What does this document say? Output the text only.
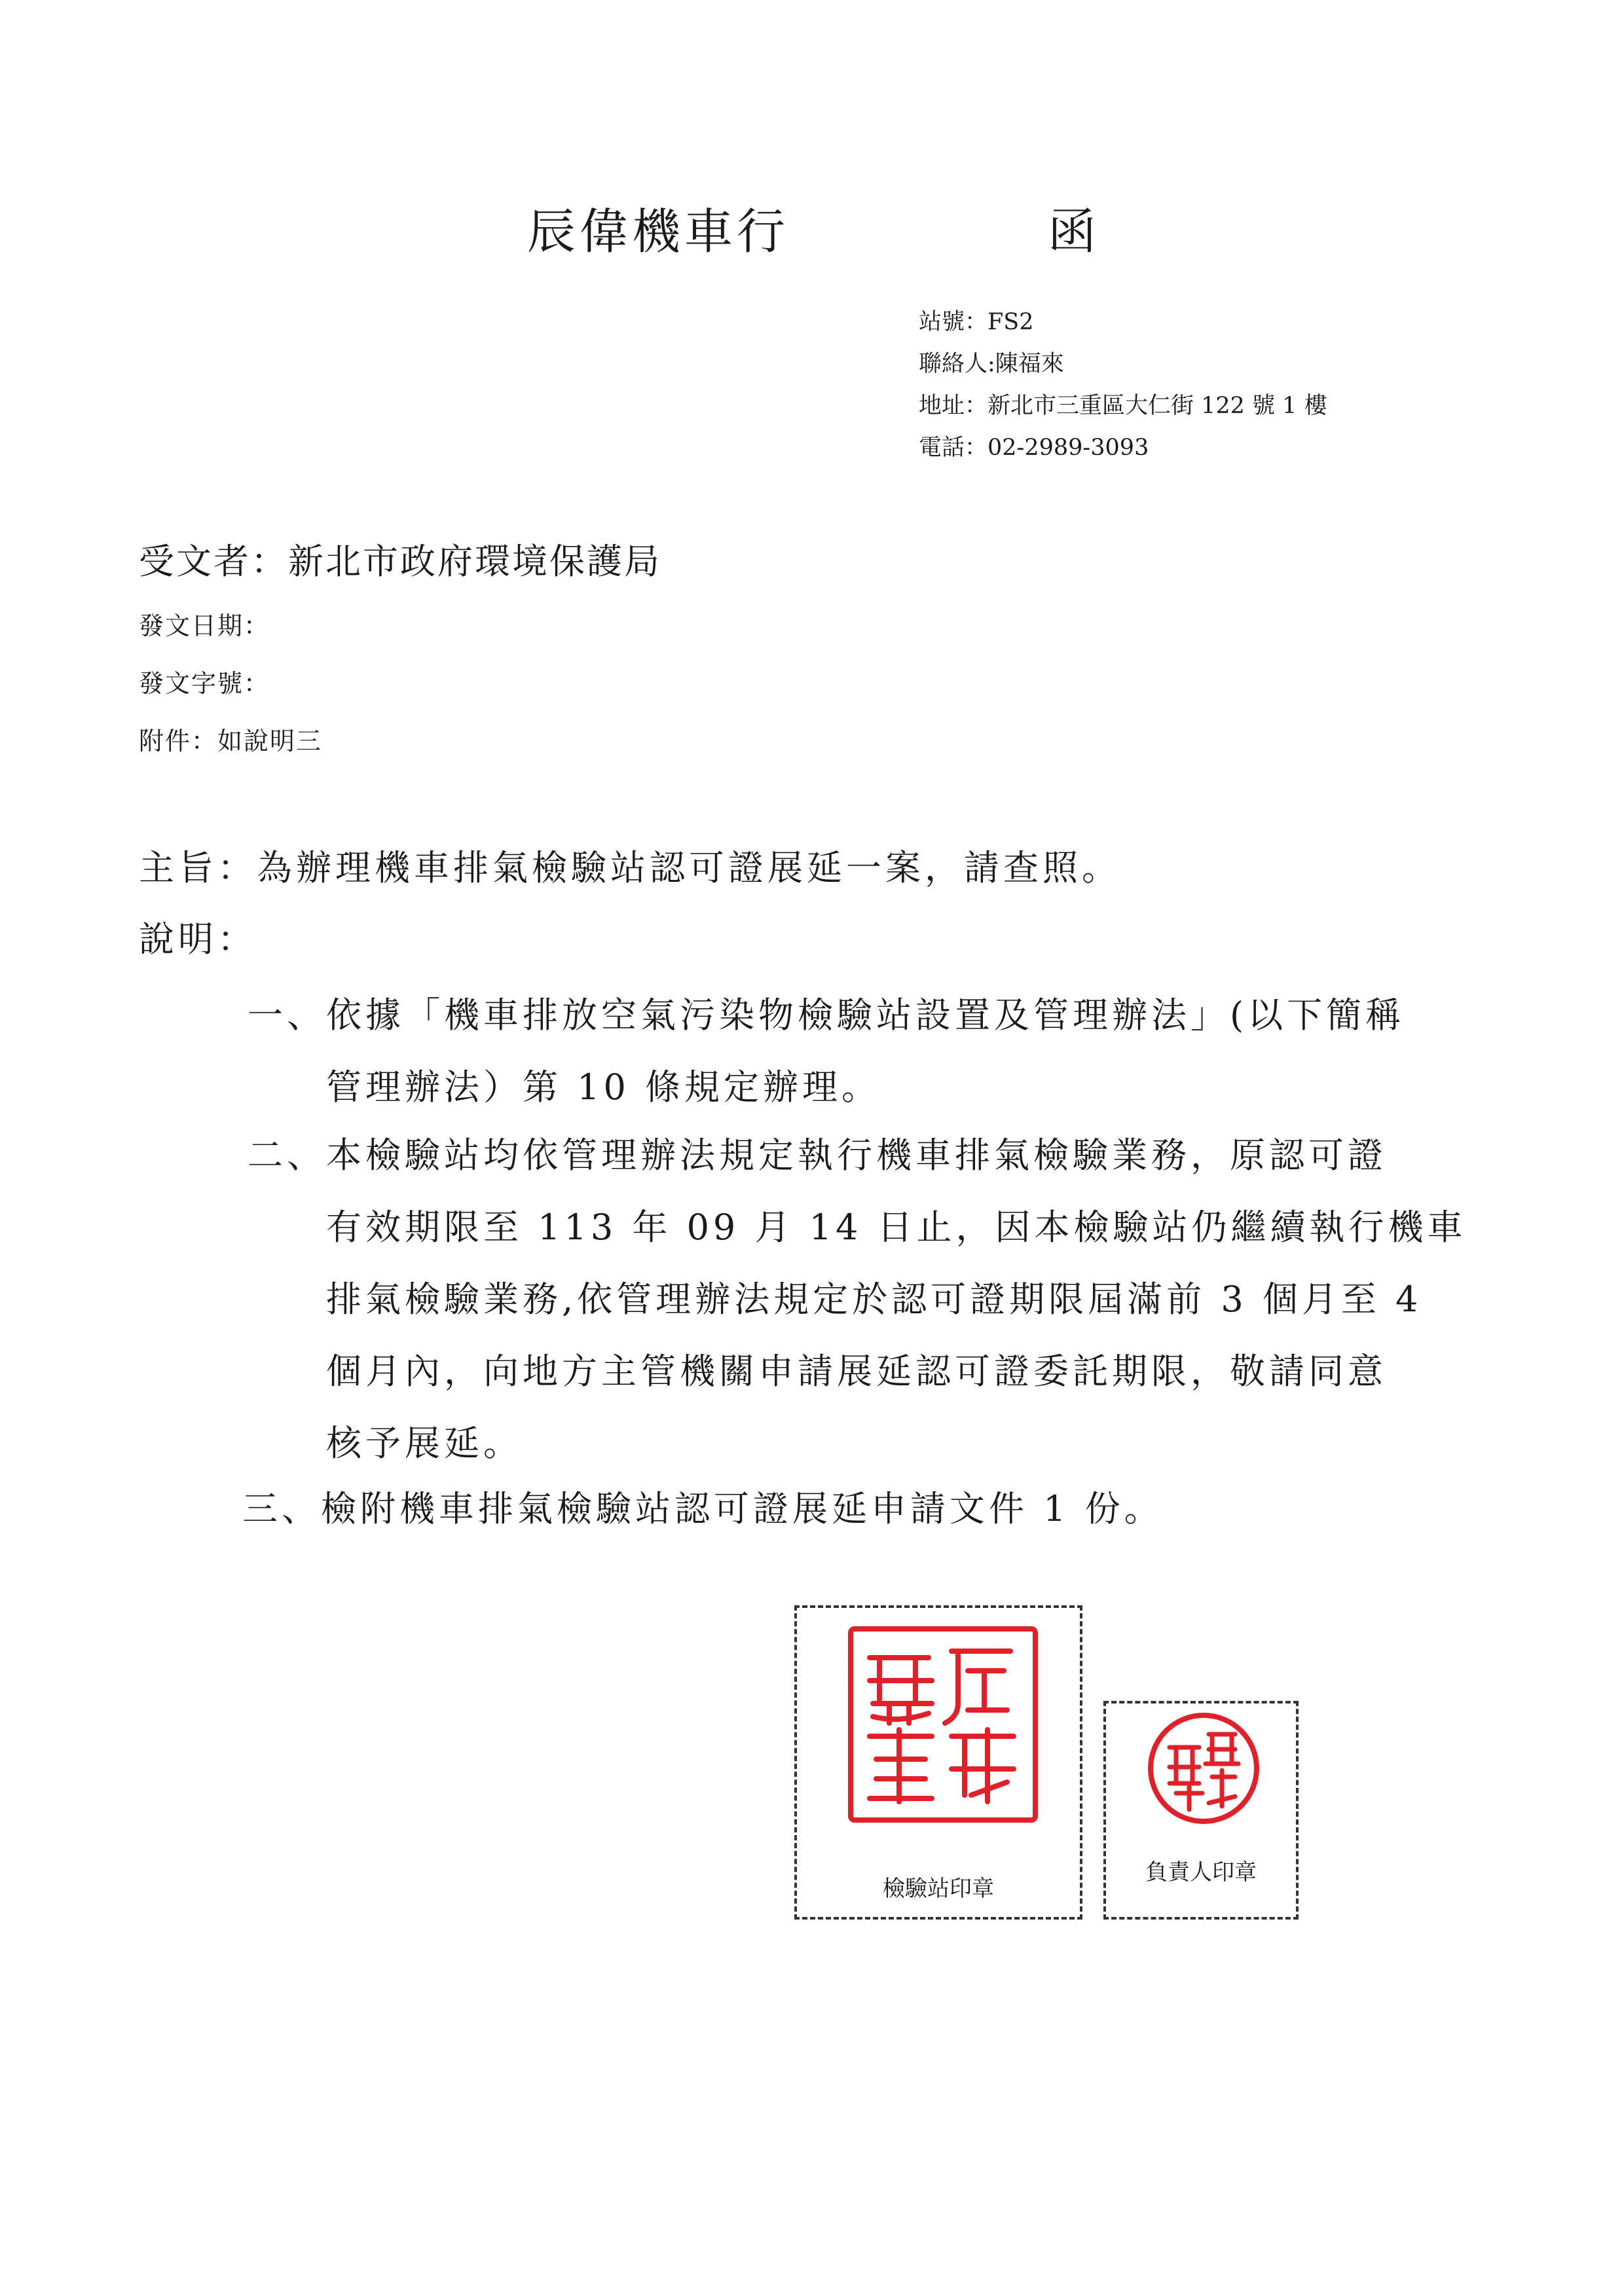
辰偉機車行	函
站號：FS2
聯絡人:陳福來
地址：新北市三重區大仁街 122 號 1 樓
電話：02-2989-3093
受文者：新北市政府環境保護局
發文日期：
發文字號：
附件：如說明三
主旨：為辦理機車排氣檢驗站認可證展延一案，請查照。
說明：
一、依據「機車排放空氣污染物檢驗站設置及管理辦法」(以下簡稱
　　管理辦法）第 10 條規定辦理。
二、本檢驗站均依管理辦法規定執行機車排氣檢驗業務，原認可證
　　有效期限至 113 年 09 月 14 日止，因本檢驗站仍繼續執行機車
　　排氣檢驗業務,依管理辦法規定於認可證期限屆滿前 3 個月至 4
　　個月內，向地方主管機關申請展延認可證委託期限，敬請同意
　　核予展延。
三、檢附機車排氣檢驗站認可證展延申請文件 1 份。
檢驗站印章
負責人印章
